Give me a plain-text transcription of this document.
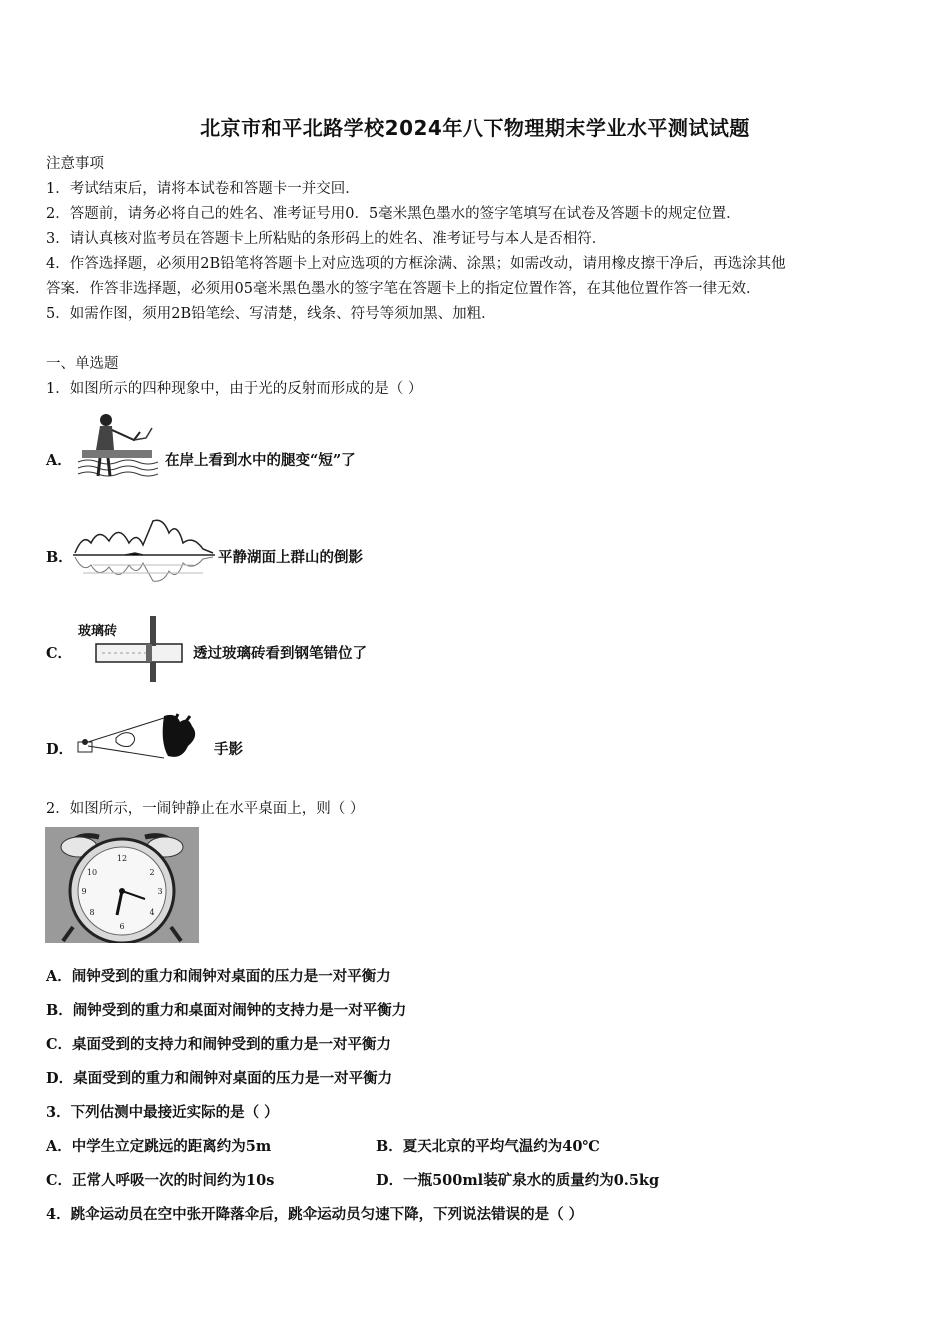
北京市和平北路学校2024年八下物理期末学业水平测试试题
注意事项
1．考试结束后，请将本试卷和答题卡一并交回．
2．答题前，请务必将自己的姓名、准考证号用0．5毫米黑色墨水的签字笔填写在试卷及答题卡的规定位置．
3．请认真核对监考员在答题卡上所粘贴的条形码上的姓名、准考证号与本人是否相符．
4．作答选择题，必须用2B铅笔将答题卡上对应选项的方框涂满、涂黑；如需改动，请用橡皮擦干净后，再选涂其他
答案．作答非选择题，必须用05毫米黑色墨水的签字笔在答题卡上的指定位置作答，在其他位置作答一律无效．
5．如需作图，须用2B铅笔绘、写清楚，线条、符号等须加黑、加粗．
一、单选题
1．如图所示的四种现象中，由于光的反射而形成的是（ ）
A．	在岸上看到水中的腿变“短”了
B．	平静湖面上群山的倒影
C．
玻璃砖
透过玻璃砖看到钢笔错位了
D．	手影
2．如图所示，一闹钟静止在水平桌面上，则（ ）
12
6
9	3
10	2
8	4
A．闹钟受到的重力和闹钟对桌面的压力是一对平衡力
B．闹钟受到的重力和桌面对闹钟的支持力是一对平衡力
C．桌面受到的支持力和闹钟受到的重力是一对平衡力
D．桌面受到的重力和闹钟对桌面的压力是一对平衡力
3．下列估测中最接近实际的是（ ）
A．中学生立定跳远的距离约为5m	B．夏天北京的平均气温约为40℃
C．正常人呼吸一次的时间约为10s	D．一瓶500ml装矿泉水的质量约为0.5kg
4．跳伞运动员在空中张开降落伞后，跳伞运动员匀速下降，下列说法错误的是（ ）
